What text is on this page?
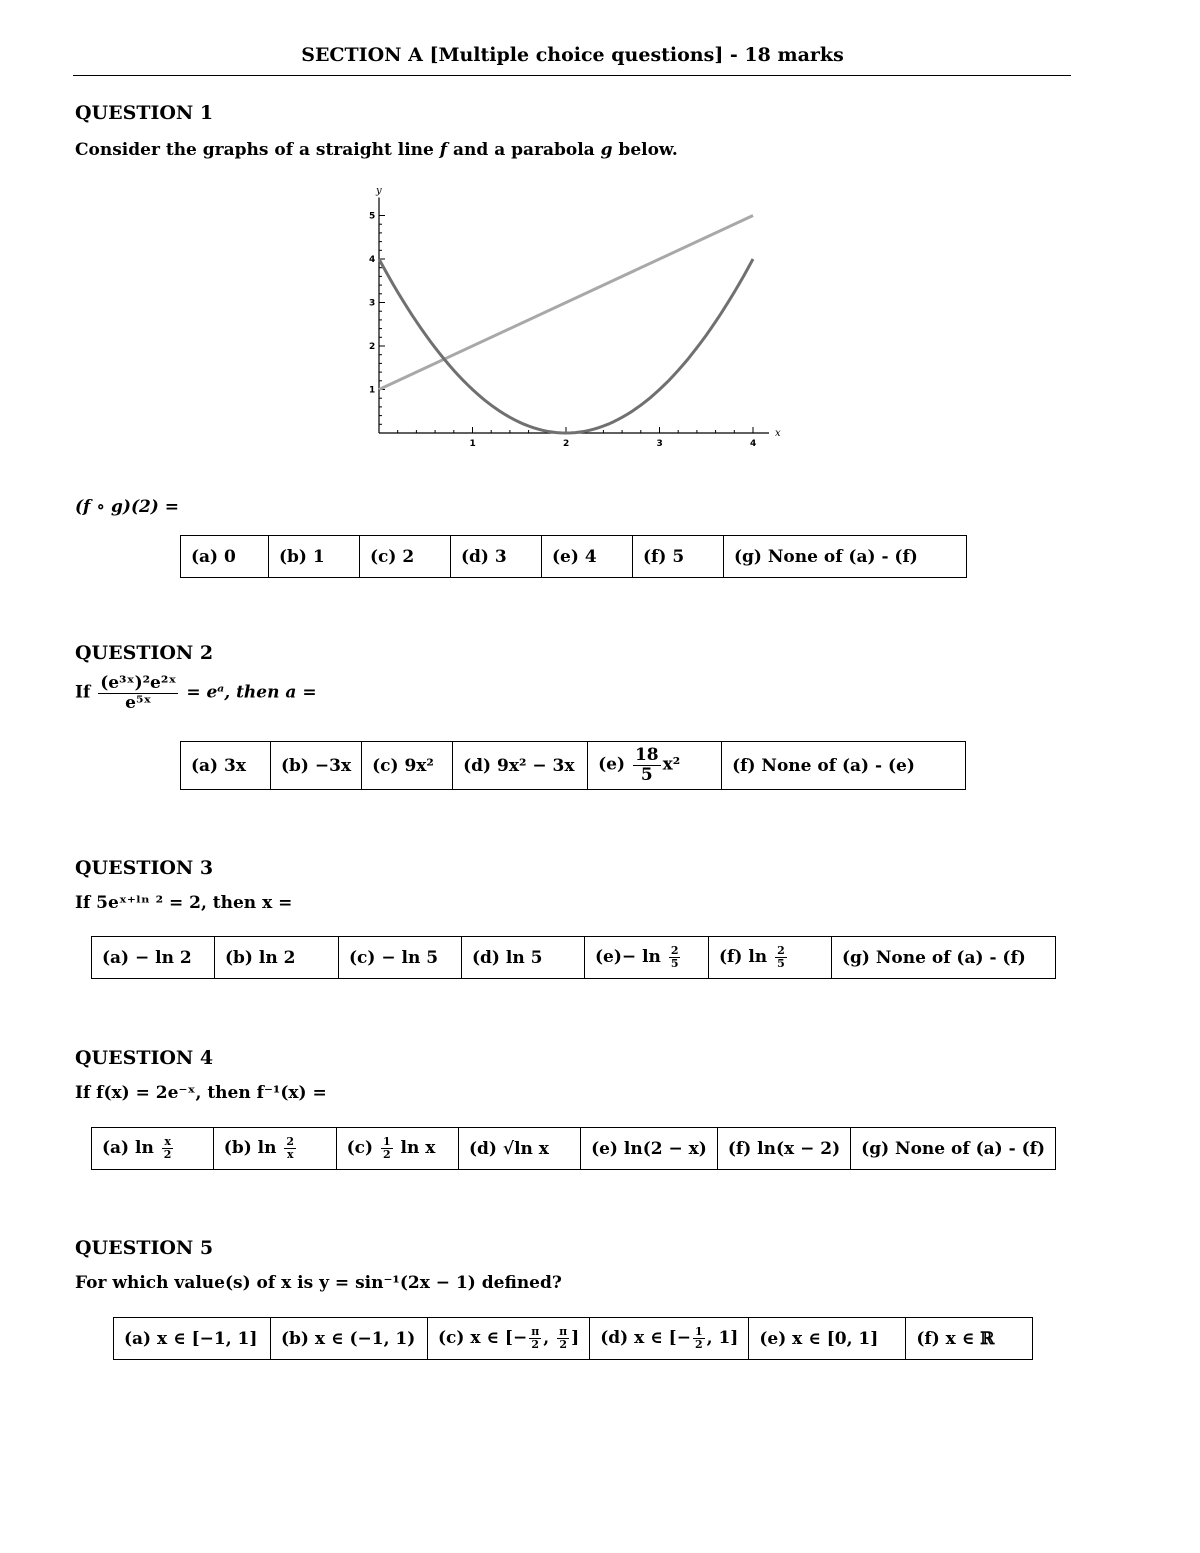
SECTION A [Multiple choice questions] - 18 marks
QUESTION 1
Consider the graphs of a straight line f and a parabola g below.
x
y
1	2	3	4
1
2
3
4
5
(f ∘ g)(2) =
(a) 0	(b) 1	(c) 2	(d) 3	(e) 4	(f) 5	(g) None of (a) - (f)
QUESTION 2
If $\frac{\text{(e³ˣ)²e²ˣ}}{\text{e⁵ˣ}}$ = eᵃ, then a =
(a) 3x	(b) −3x	(c) 9x²	(d) 9x² − 3x	$(e) \frac{18}{5} x^2$	(f) None of (a) - (e)
QUESTION 3
If 5eˣ⁺ˡⁿ ² = 2, then x =
(a) − ln 2	(b) ln 2	(c) − ln 5	(d) ln 5	$(e)- \ln \frac{2}{5}$	(f) $\ln \frac{2}{5}$	(g) None of (a) - (f)
QUESTION 4
If f(x) = 2e⁻ˣ, then f⁻¹(x) =
(a) $\ln \frac{x}{2}$	(b) $\ln \frac{2}{x}$	$(c) \frac{1}{2}$ ln x	(d) √ln x	(e) ln(2 − x)	(f) ln(x − 2)	(g) None of (a) - (f)
QUESTION 5
For which value(s) of x is y = sin⁻¹(2x − 1) defined?
(a) x ∈ [−1, 1]	(b) x ∈ (−1, 1)	(c) x ∈ [− $\frac{\pi}{2}$ , $\frac{\pi}{2}$ ]	(d) x ∈ [− $\frac{1}{2}$ , 1]	(e) x ∈ [0, 1]	(f) x ∈ ℝ
